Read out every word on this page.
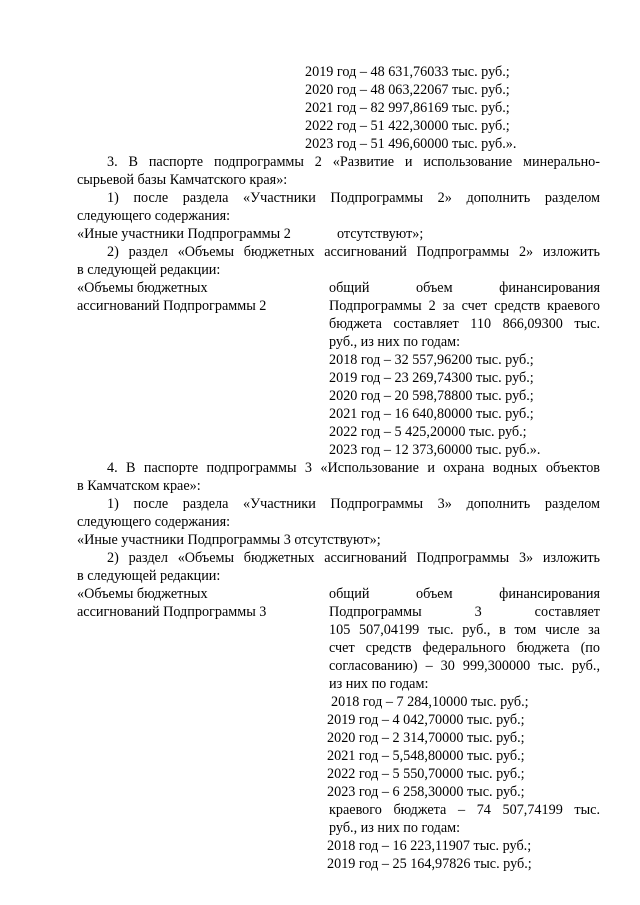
2019 год – 48 631,76033 тыс. руб.;
2020 год – 48 063,22067 тыс. руб.;
2021 год – 82 997,86169 тыс. руб.;
2022 год – 51 422,30000 тыс. руб.;
2023 год – 51 496,60000 тыс. руб.».
3. В паспорте подпрограммы 2 «Развитие и использование минерально-
сырьевой базы Камчатского края»:
1) после раздела «Участники Подпрограммы 2» дополнить разделом
следующего содержания:
«Иные участники Подпрограммы 2	отсутствуют»;
2) раздел «Объемы бюджетных ассигнований Подпрограммы 2» изложить
в следующей редакции:
«Объемы бюджетных
ассигнований Подпрограммы 2
общий объем финансирования
Подпрограммы 2 за счет средств краевого
бюджета составляет 110 866,09300 тыс.
руб., из них по годам:
2018 год – 32 557,96200 тыс. руб.;
2019 год – 23 269,74300 тыс. руб.;
2020 год – 20 598,78800 тыс. руб.;
2021 год – 16 640,80000 тыс. руб.;
2022 год – 5 425,20000 тыс. руб.;
2023 год – 12 373,60000 тыс. руб.».
4. В паспорте подпрограммы 3 «Использование и охрана водных объектов
в Камчатском крае»:
1) после раздела «Участники Подпрограммы 3» дополнить разделом
следующего содержания:
«Иные участники Подпрограммы 3 отсутствуют»;
2) раздел «Объемы бюджетных ассигнований Подпрограммы 3» изложить
в следующей редакции:
«Объемы бюджетных
ассигнований Подпрограммы 3
общий объем финансирования
Подпрограммы 3 составляет
105 507,04199 тыс. руб., в том числе за
счет средств федерального бюджета (по
согласованию) – 30 999,300000 тыс. руб.,
из них по годам:
2018 год – 7 284,10000 тыс. руб.;
2019 год – 4 042,70000 тыс. руб.;
2020 год – 2 314,70000 тыс. руб.;
2021 год – 5,548,80000 тыс. руб.;
2022 год – 5 550,70000 тыс. руб.;
2023 год – 6 258,30000 тыс. руб.;
краевого бюджета – 74 507,74199 тыс.
руб., из них по годам:
2018 год – 16 223,11907 тыс. руб.;
2019 год – 25 164,97826 тыс. руб.;
